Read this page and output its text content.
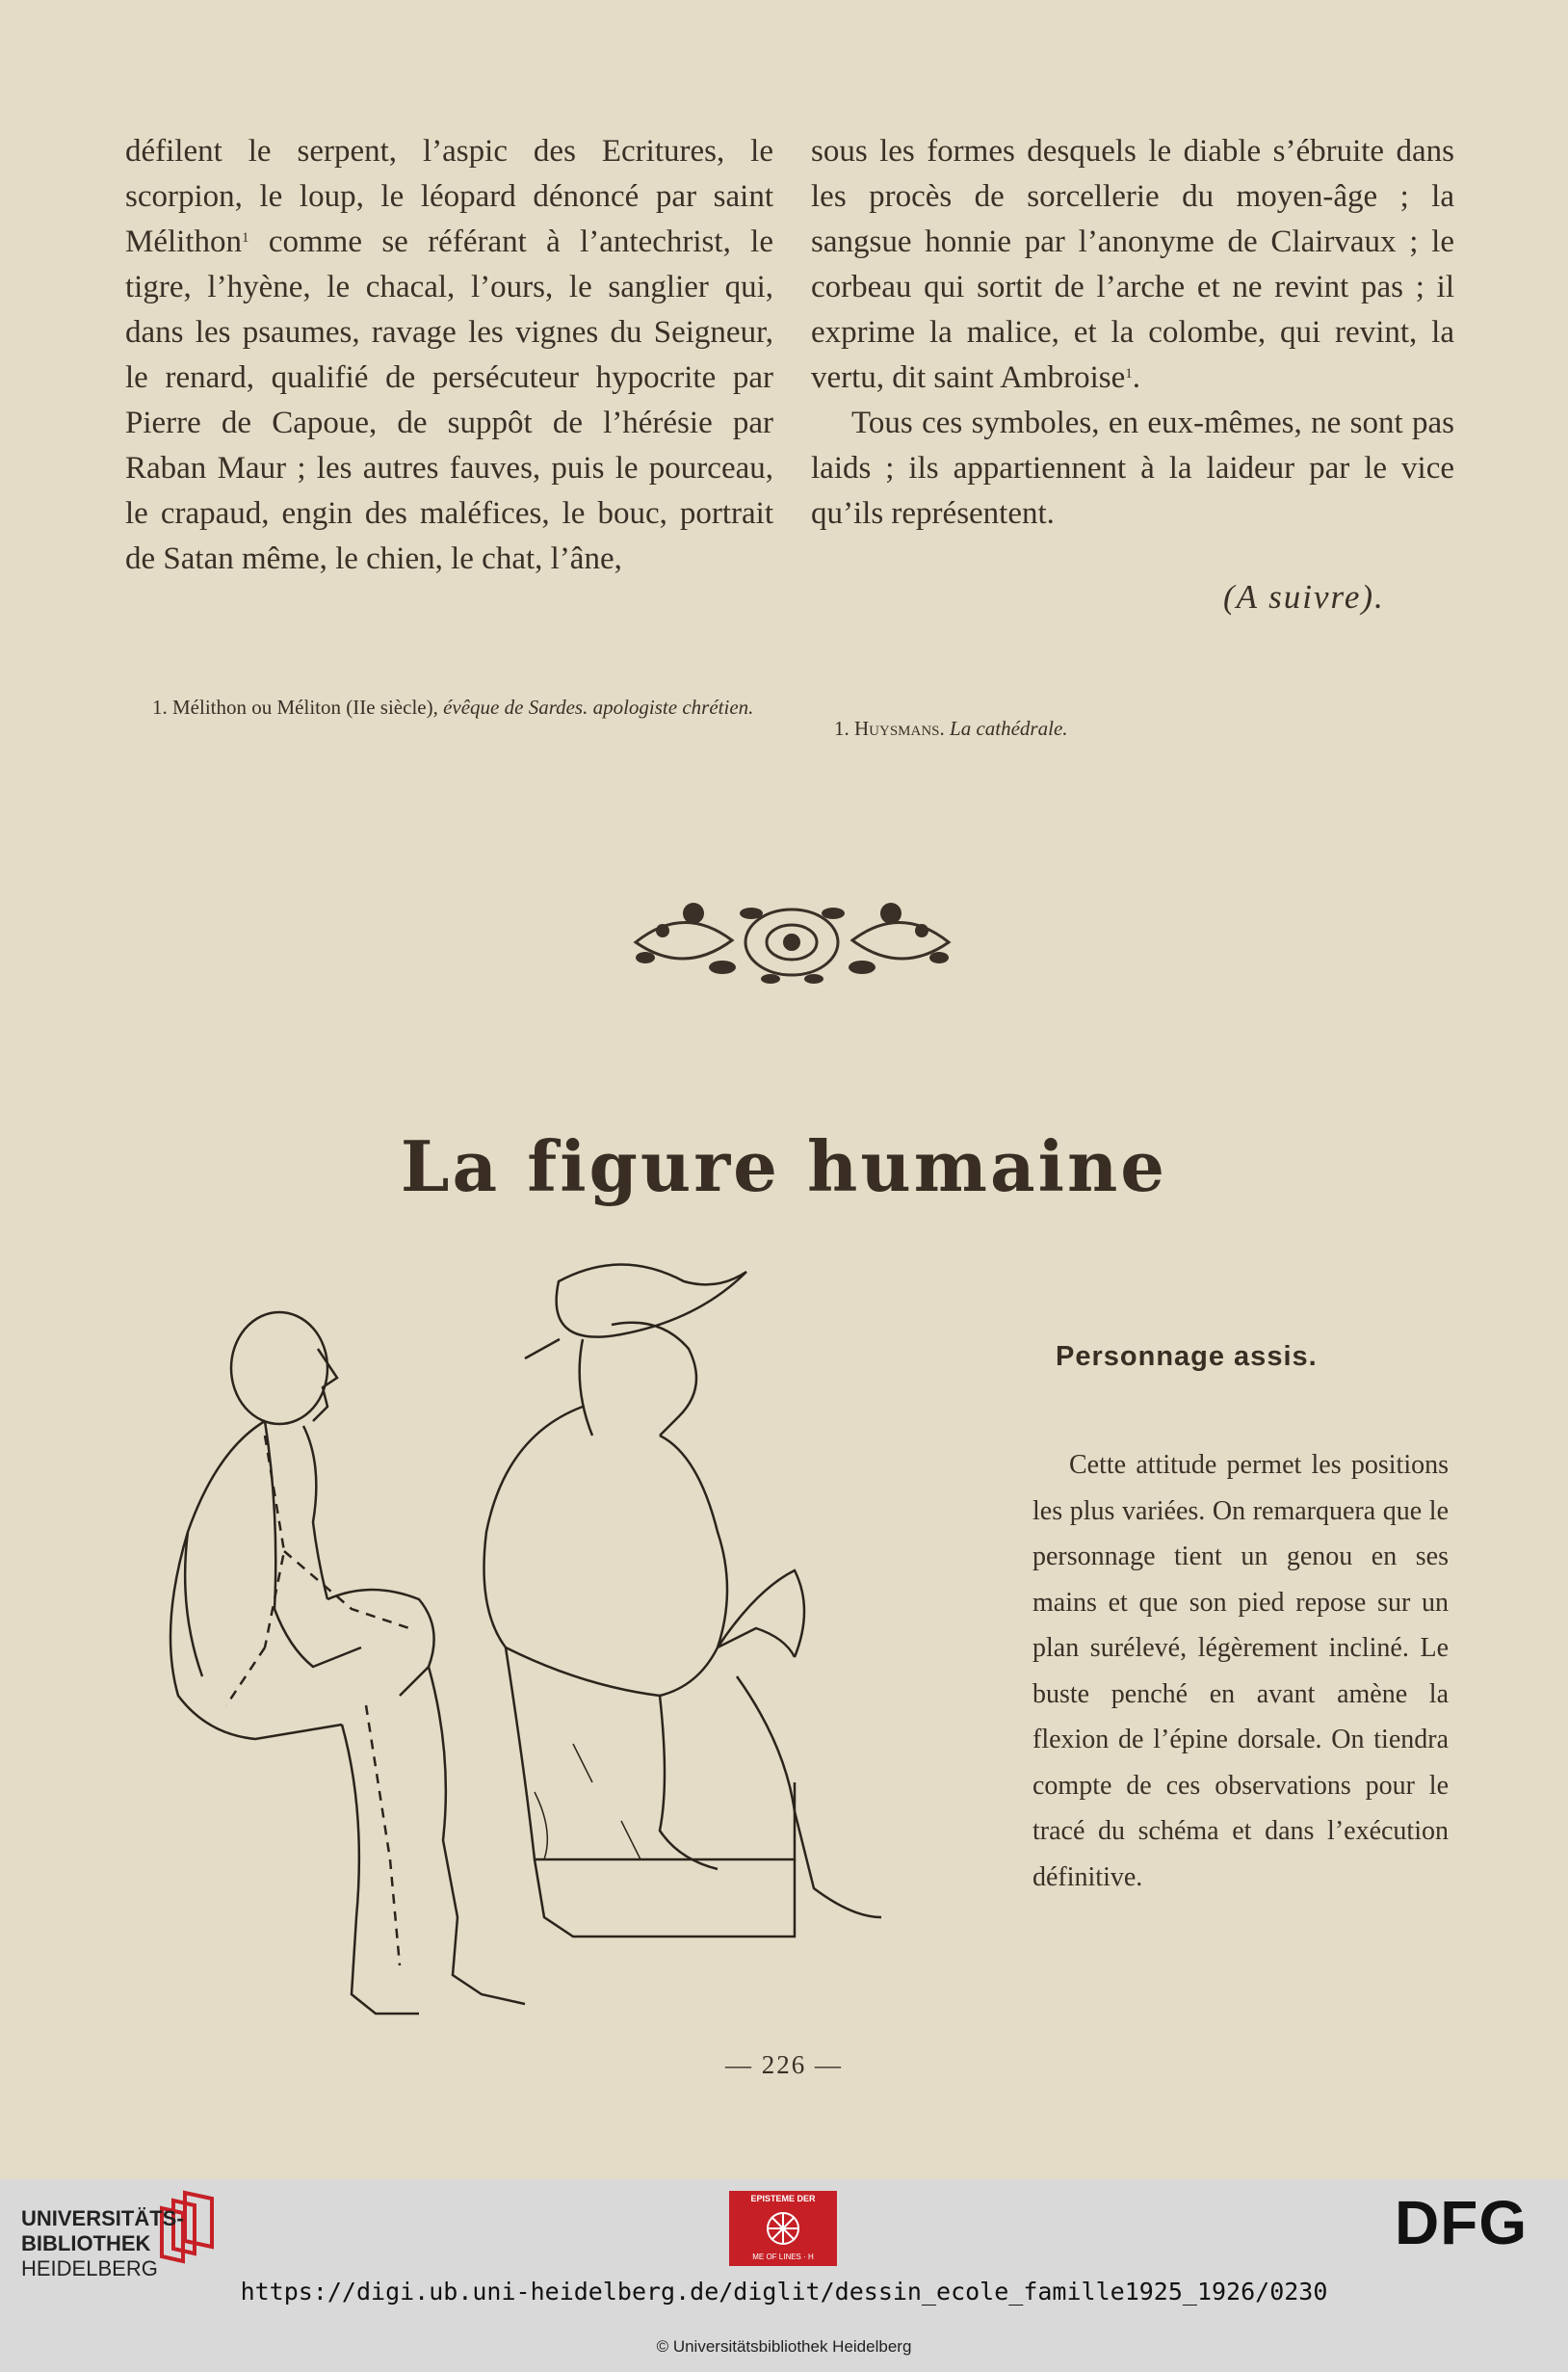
défilent le serpent, l’aspic des Ecritures, le scorpion, le loup, le léopard dénoncé par saint Mélithon$^1$ comme se référant à l’antechrist, le tigre, l’hyène, le chacal, l’ours, le sanglier qui, dans les psaumes, ravage les vignes du Seigneur, le renard, qualifié de persécuteur hypocrite par Pierre de Capoue, de suppôt de l’hérésie par Raban Maur ; les autres fauves, puis le pourceau, le crapaud, engin des maléfices, le bouc, portrait de Satan même, le chien, le chat, l’âne,

1. Mélithon ou Méliton (IIe siècle), évêque de Sardes. apologiste chrétien.

sous les formes desquels le diable s’ébruite dans les procès de sorcellerie du moyen-âge ; la sangsue honnie par l’anonyme de Clairvaux ; le corbeau qui sortit de l’arche et ne revint pas ; il exprime la malice, et la colombe, qui revint, la vertu, dit saint Ambroise$^1$.

Tous ces symboles, en eux-mêmes, ne sont pas laids ; ils appartiennent à la laideur par le vice qu’ils représentent.

(A suivre).
1. Huysmans. La cathédrale.
La figure humaine
Personnage assis.

Cette attitude permet les positions les plus variées. On remarquera que le personnage tient un genou en ses mains et que son pied repose sur un plan surélevé, légèrement incliné. Le buste penché en avant amène la flexion de l’épine dorsale. On tiendra compte de ces observations pour le tracé du schéma et dans l’exécution définitive.

— 226 —
UNIVERSITÄTS-
BIBLIOTHEK
HEIDELBERG
EPISTEME DER
ME OF LINES · H	DFG
https://digi.ub.uni-heidelberg.de/diglit/dessin_ecole_famille1925_1926/0230
© Universitätsbibliothek Heidelberg
